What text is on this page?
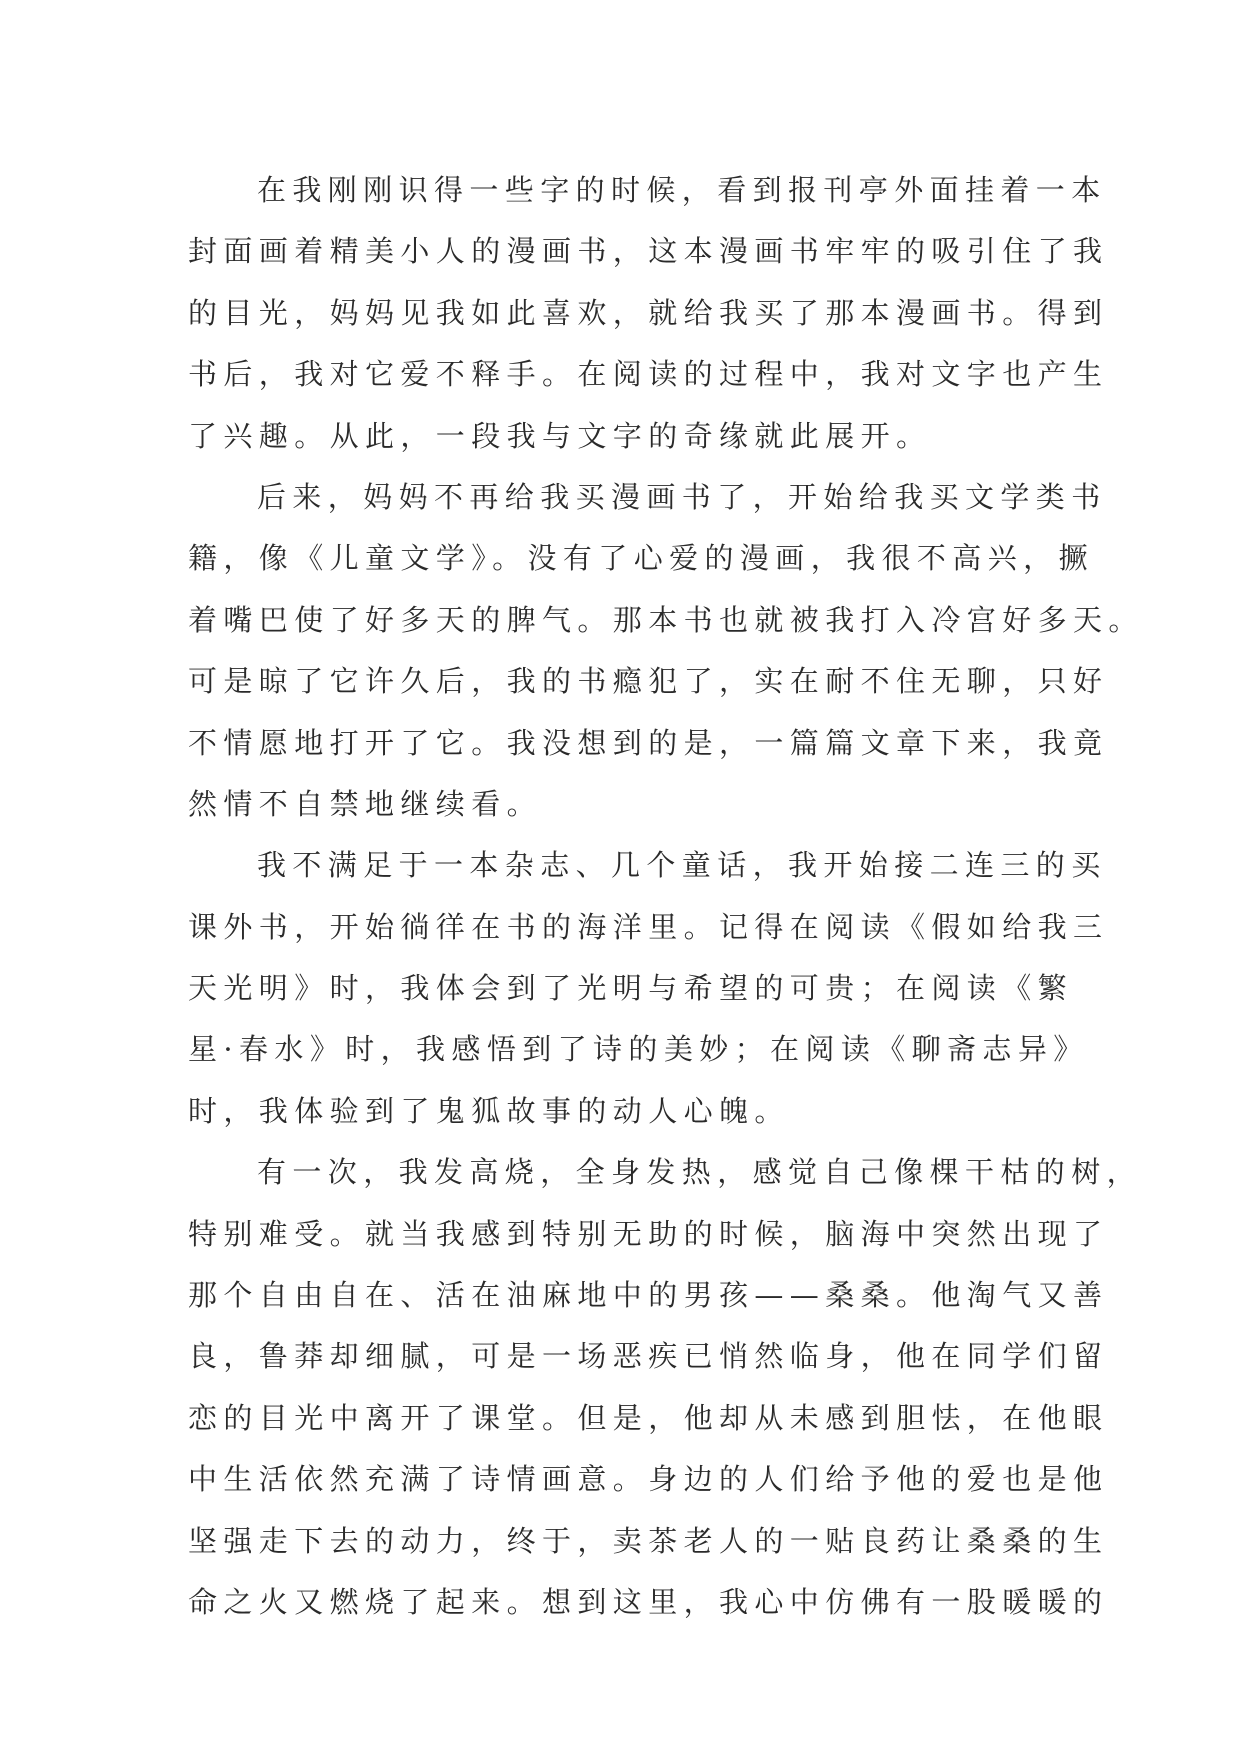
在我刚刚识得一些字的时候，看到报刊亭外面挂着一本
封面画着精美小人的漫画书，这本漫画书牢牢的吸引住了我
的目光，妈妈见我如此喜欢，就给我买了那本漫画书。得到
书后，我对它爱不释手。在阅读的过程中，我对文字也产生
了兴趣。从此，一段我与文字的奇缘就此展开。
后来，妈妈不再给我买漫画书了，开始给我买文学类书
籍，像《儿童文学》。没有了心爱的漫画，我很不高兴，撅
着嘴巴使了好多天的脾气。那本书也就被我打入冷宫好多天。
可是晾了它许久后，我的书瘾犯了，实在耐不住无聊，只好
不情愿地打开了它。我没想到的是，一篇篇文章下来，我竟
然情不自禁地继续看。
我不满足于一本杂志、几个童话，我开始接二连三的买
课外书，开始徜徉在书的海洋里。记得在阅读《假如给我三
天光明》时，我体会到了光明与希望的可贵；在阅读《繁
星·春水》时，我感悟到了诗的美妙；在阅读《聊斋志异》
时，我体验到了鬼狐故事的动人心魄。
有一次，我发高烧，全身发热，感觉自己像棵干枯的树，
特别难受。就当我感到特别无助的时候，脑海中突然出现了
那个自由自在、活在油麻地中的男孩——桑桑。他淘气又善
良，鲁莽却细腻，可是一场恶疾已悄然临身，他在同学们留
恋的目光中离开了课堂。但是，他却从未感到胆怯，在他眼
中生活依然充满了诗情画意。身边的人们给予他的爱也是他
坚强走下去的动力，终于，卖茶老人的一贴良药让桑桑的生
命之火又燃烧了起来。想到这里，我心中仿佛有一股暖暖的
